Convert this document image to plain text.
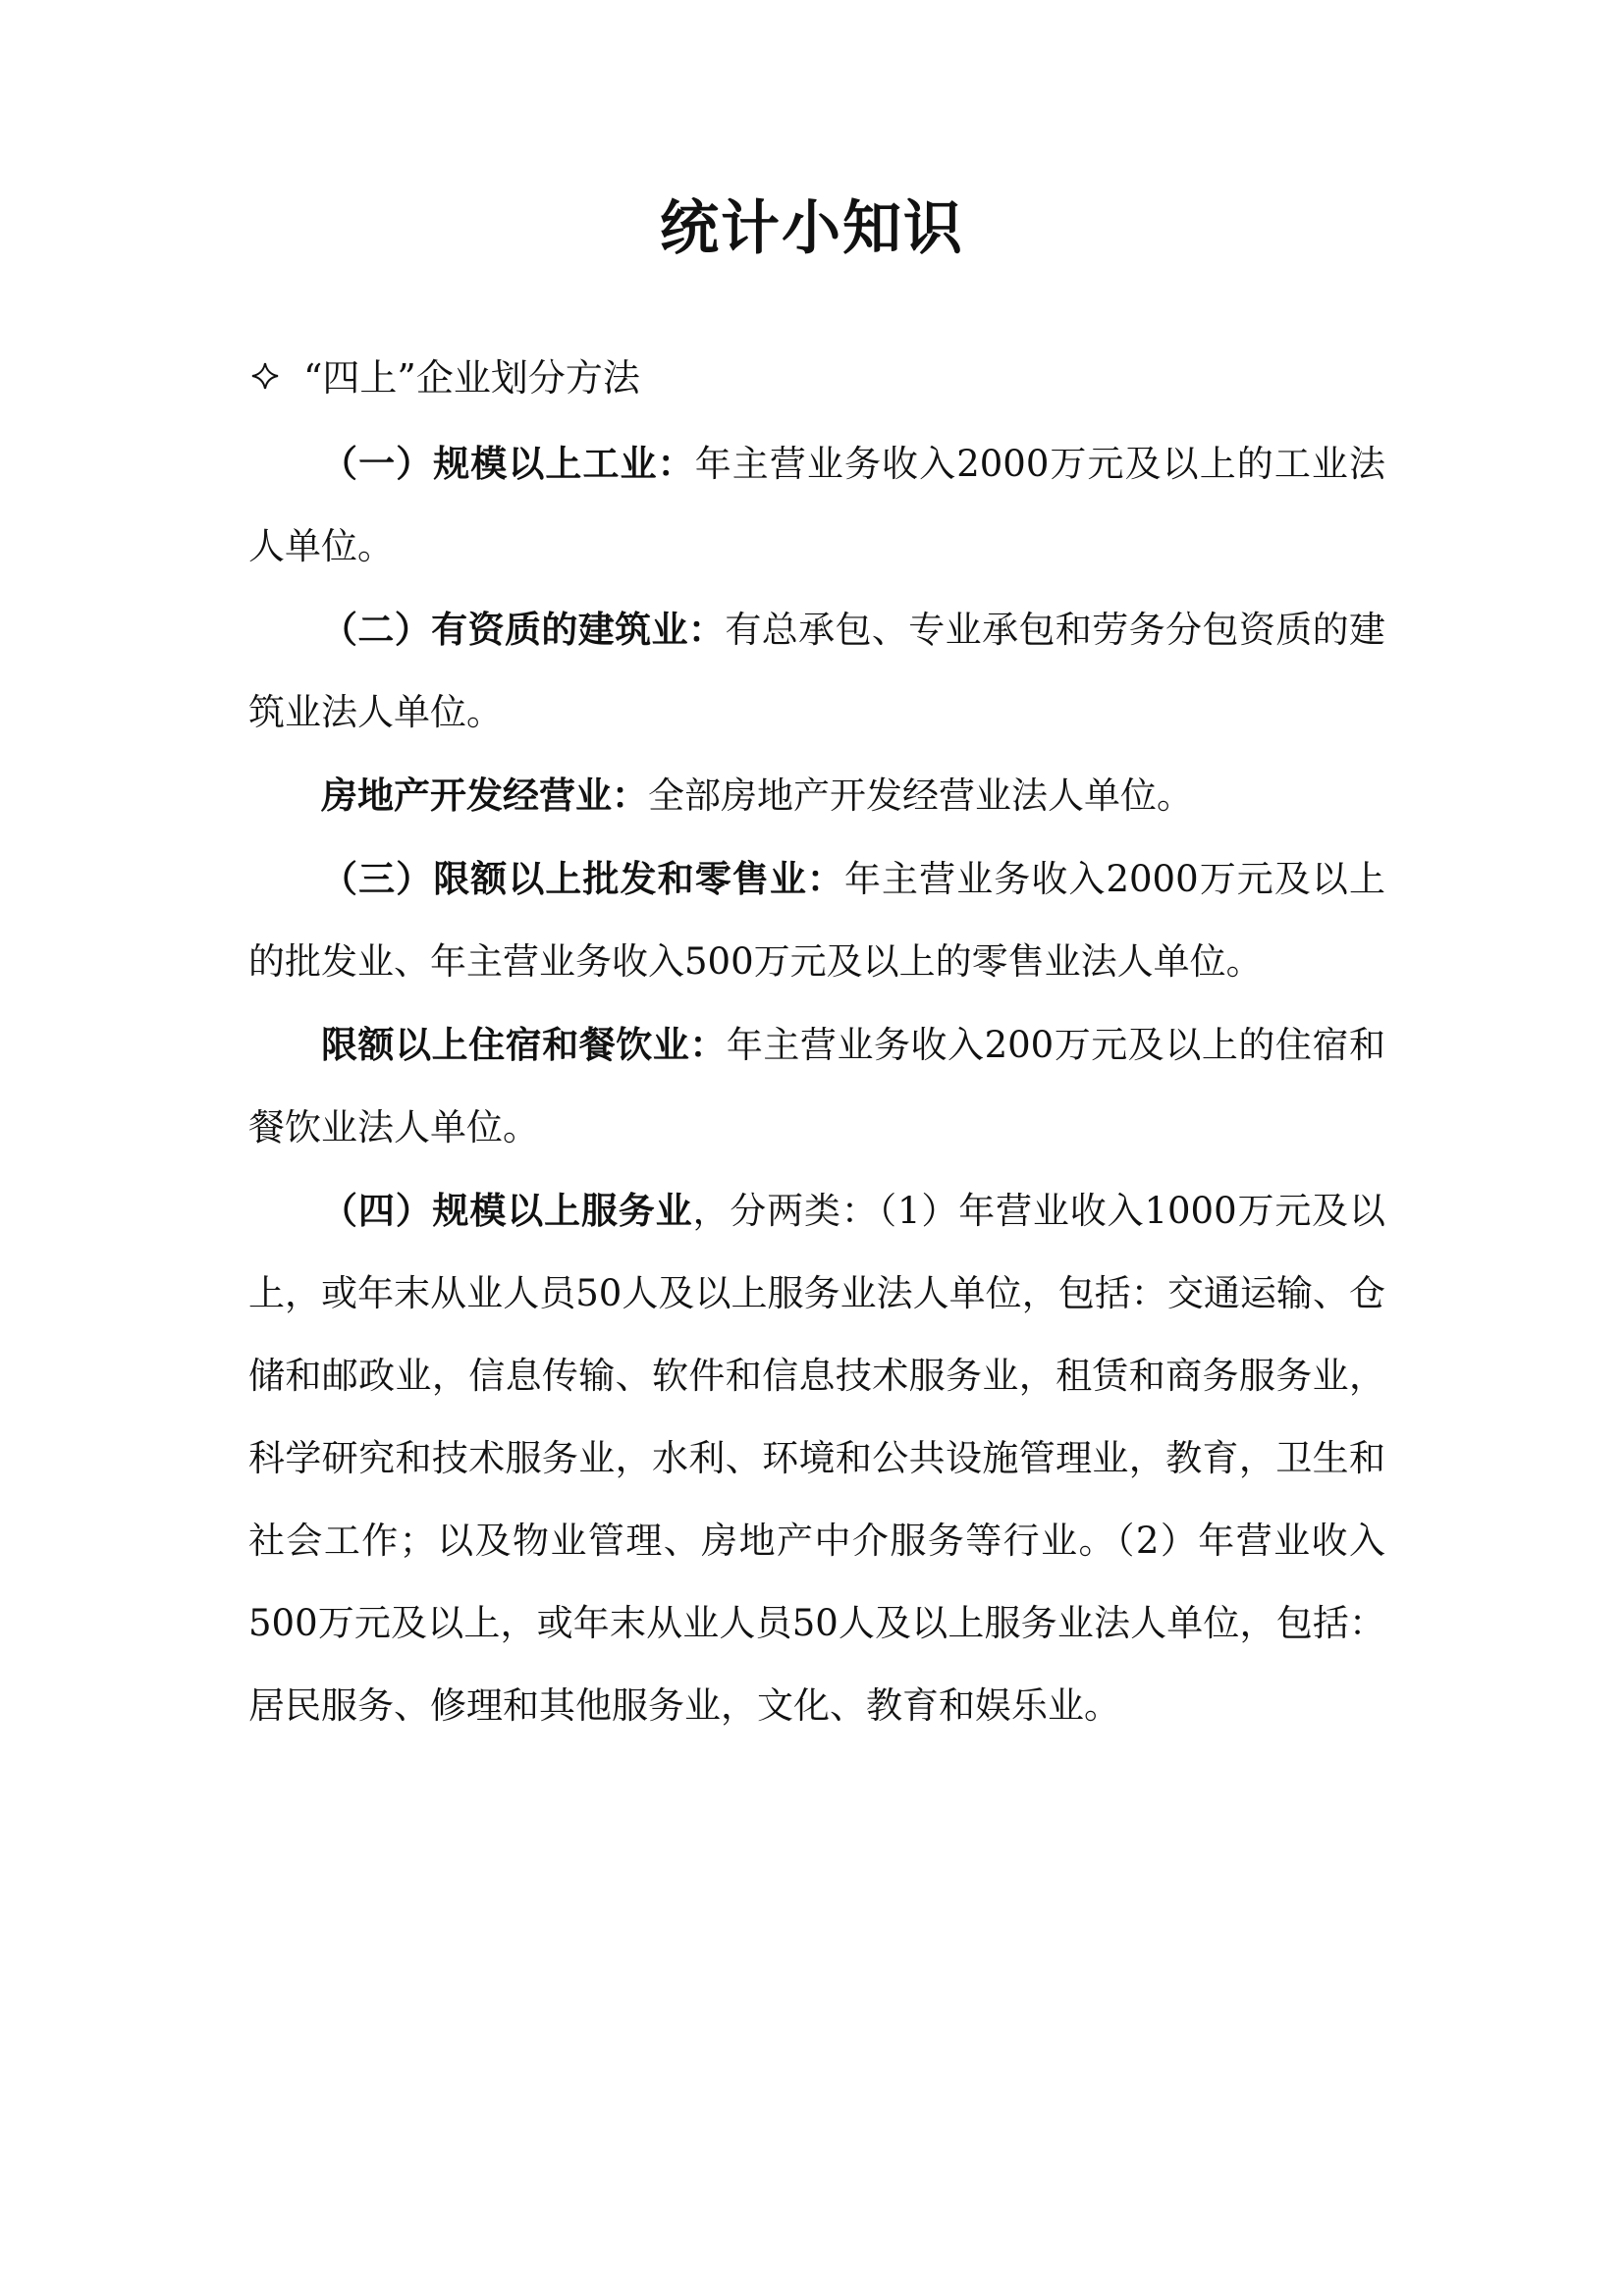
统计小知识
“四上”企业划分方法

（一）规模以上工业：年主营业务收入2000万元及以上的工业法人单位。

（二）有资质的建筑业：有总承包、专业承包和劳务分包资质的建筑业法人单位。

房地产开发经营业：全部房地产开发经营业法人单位。

（三）限额以上批发和零售业：年主营业务收入2000万元及以上的批发业、年主营业务收入500万元及以上的零售业法人单位。

限额以上住宿和餐饮业：年主营业务收入200万元及以上的住宿和餐饮业法人单位。

（四）规模以上服务业，分两类：（1）年营业收入1000万元及以上，或年末从业人员50人及以上服务业法人单位，包括：交通运输、仓储和邮政业，信息传输、软件和信息技术服务业，租赁和商务服务业，科学研究和技术服务业，水利、环境和公共设施管理业，教育，卫生和社会工作；以及物业管理、房地产中介服务等行业。（2）年营业收入500万元及以上，或年末从业人员50人及以上服务业法人单位，包括：居民服务、修理和其他服务业，文化、教育和娱乐业。
